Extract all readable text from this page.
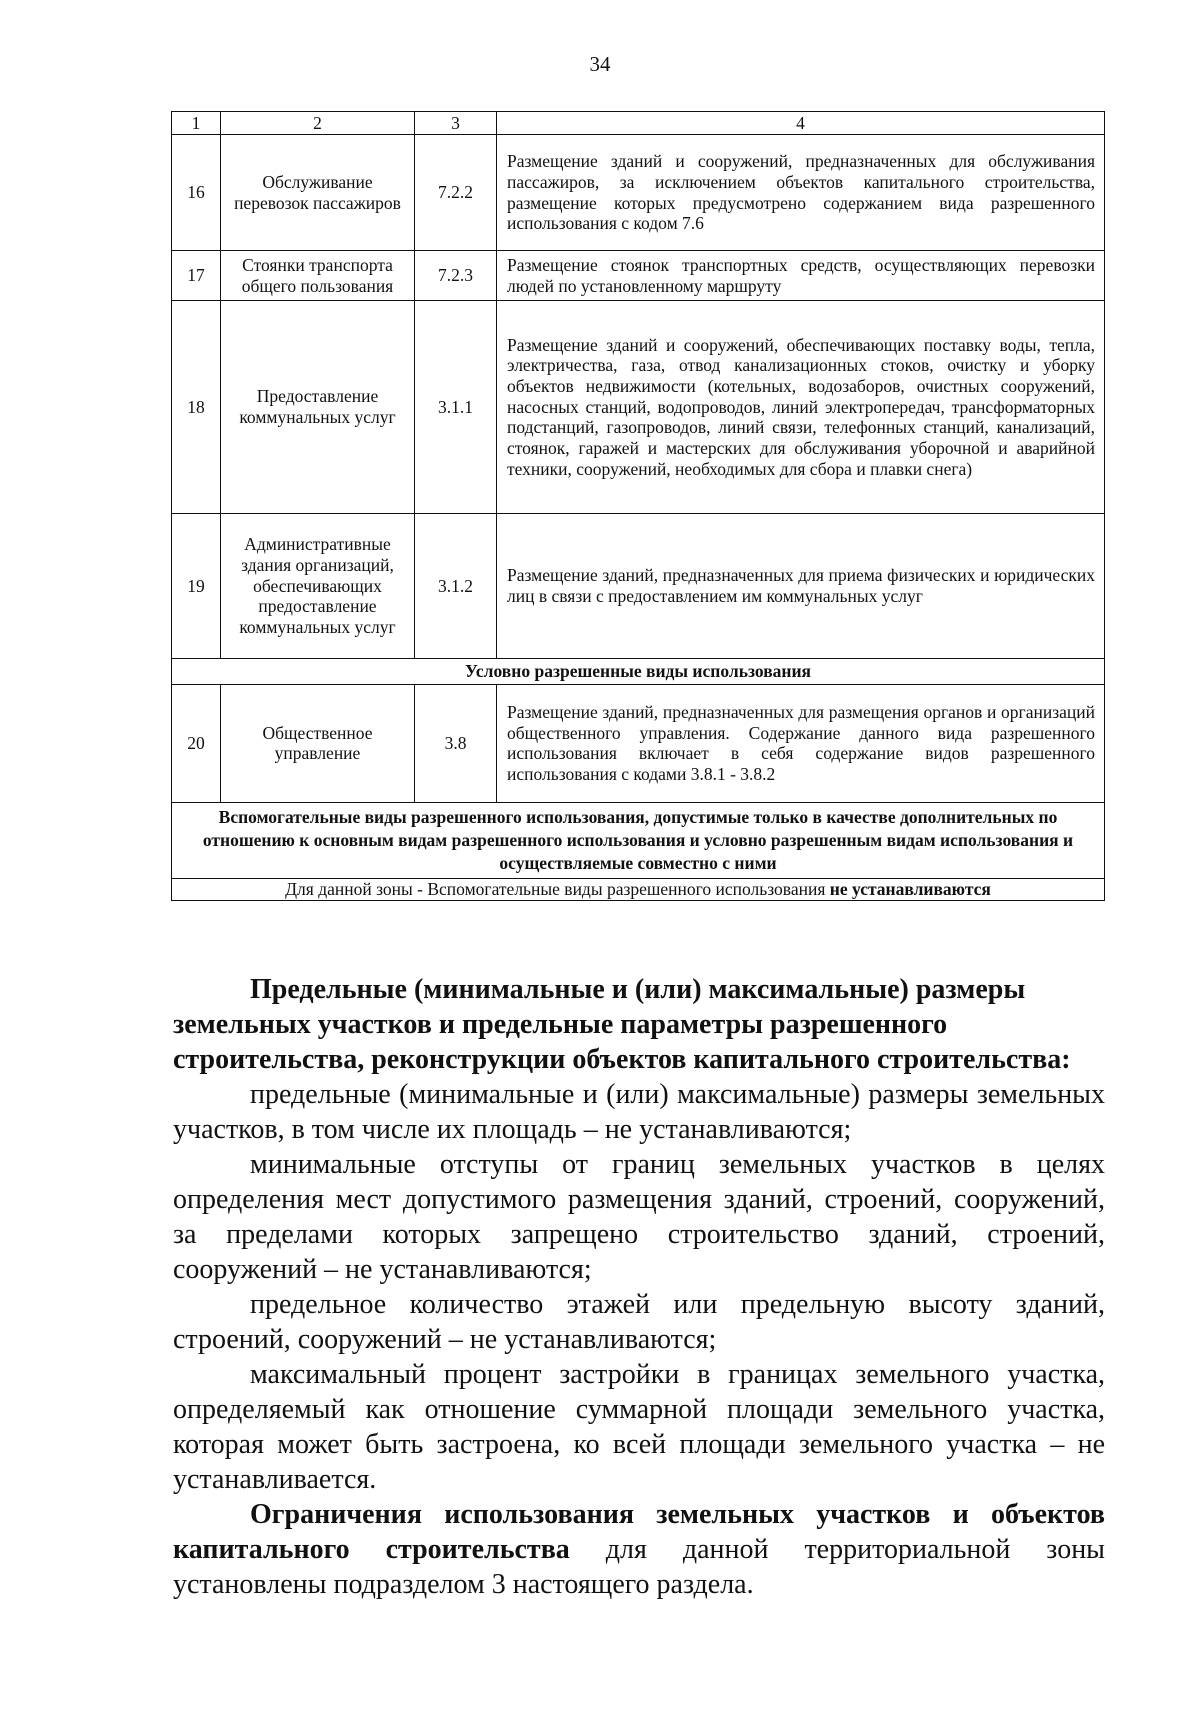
34
1	2	3	4
16	Обслуживание перевозок пассажиров	7.2.2	Размещение зданий и сооружений, предназначенных для обслуживания пассажиров, за исключением объектов капитального строительства, размещение которых предусмотрено содержанием вида разрешенного использования с кодом 7.6
17	Стоянки транспорта общего пользования	7.2.3	Размещение стоянок транспортных средств, осуществляющих перевозки людей по установленному маршруту
18	Предоставление коммунальных услуг	3.1.1	Размещение зданий и сооружений, обеспечивающих поставку воды, тепла, электричества, газа, отвод канализационных стоков, очистку и уборку объектов недвижимости (котельных, водозаборов, очистных сооружений, насосных станций, водопроводов, линий электропередач, трансформаторных подстанций, газопроводов, линий связи, телефонных станций, канализаций, стоянок, гаражей и мастерских для обслуживания уборочной и аварийной техники, сооружений, необходимых для сбора и плавки снега)
19	Административные здания организаций, обеспечивающих предоставление коммунальных услуг	3.1.2	Размещение зданий, предназначенных для приема физических и юридических лиц в связи с предоставлением им коммунальных услуг
Условно разрешенные виды использования			
20	Общественное управление	3.8	Размещение зданий, предназначенных для размещения органов и организаций общественного управления. Содержание данного вида разрешенного использования включает в себя содержание видов разрешенного использования с кодами 3.8.1 - 3.8.2
Вспомогательные виды разрешенного использования, допустимые только в качестве дополнительных по отношению к основным видам разрешенного использования и условно разрешенным видам использования и осуществляемые совместно с ними			
Для данной зоны - Вспомогательные виды разрешенного использования не устанавливаются			

Предельные (минимальные и (или) максимальные) размеры

земельных участков и предельные параметры разрешенного

строительства, реконструкции объектов капитального строительства:

предельные (минимальные и (или) максимальные) размеры земельных участков, в том числе их площадь – не устанавливаются;

минимальные отступы от границ земельных участков в целях определения мест допустимого размещения зданий, строений, сооружений, за пределами которых запрещено строительство зданий, строений, сооружений – не устанавливаются;

предельное количество этажей или предельную высоту зданий, строений, сооружений – не устанавливаются;

максимальный процент застройки в границах земельного участка, определяемый как отношение суммарной площади земельного участка, которая может быть застроена, ко всей площади земельного участка – не устанавливается.

Ограничения использования земельных участков и объектов капитального строительства для данной территориальной зоны установлены подразделом 3 настоящего раздела.
